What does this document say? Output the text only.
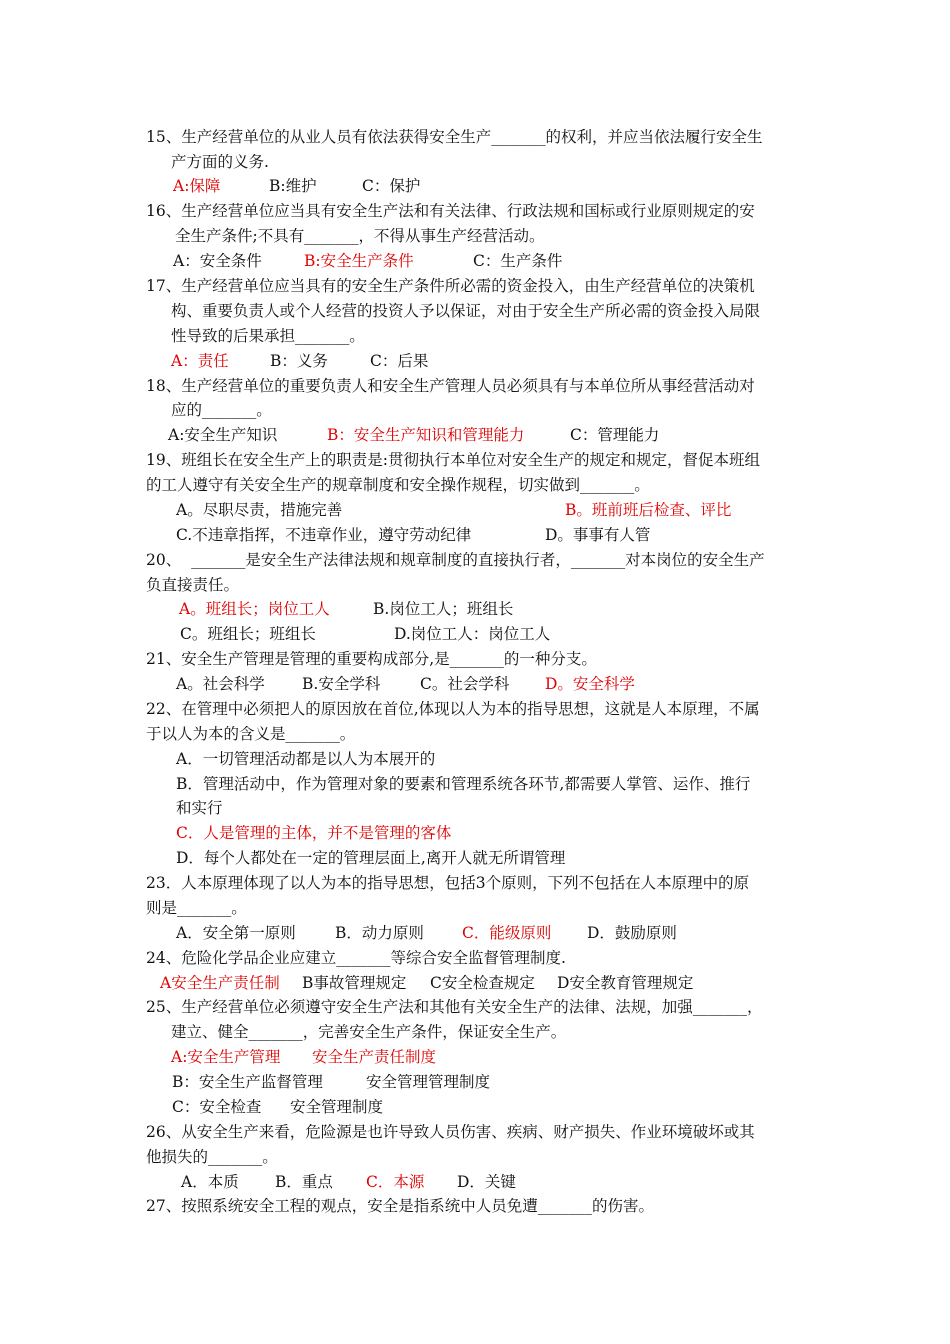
15、生产经营单位的从业人员有依法获得安全生产_______的权利，并应当依法履行安全生
产方面的义务.
A:保障	B:维护	C：保护
16、生产经营单位应当具有安全生产法和有关法律、行政法规和国标或行业原则规定的安
全生产条件;不具有_______，不得从事生产经营活动。
A：安全条件	B:安全生产条件	C：生产条件
17、生产经营单位应当具有的安全生产条件所必需的资金投入，由生产经营单位的决策机
构、重要负责人或个人经营的投资人予以保证，对由于安全生产所必需的资金投入局限
性导致的后果承担_______。
A：责任	B：义务	C：后果
18、生产经营单位的重要负责人和安全生产管理人员必须具有与本单位所从事经营活动对
应的_______。
A:安全生产知识	B：安全生产知识和管理能力	C：管理能力
19、班组长在安全生产上的职责是:贯彻执行本单位对安全生产的规定和规定，督促本班组
的工人遵守有关安全生产的规章制度和安全操作规程，切实做到_______。
A。尽职尽责，措施完善	B。班前班后检查、评比
C.不违章指挥，不违章作业，遵守劳动纪律	D。事事有人管
20、  _______是安全生产法律法规和规章制度的直接执行者，_______对本岗位的安全生产
负直接责任。
A。班组长；岗位工人	B.岗位工人；班组长
C。班组长；班组长	D.岗位工人：岗位工人
21、安全生产管理是管理的重要构成部分,是_______的一种分支。
A。社会科学 B.安全学科	C。社会学科 D。安全科学
22、在管理中必须把人的原因放在首位,体现以人为本的指导思想，这就是人本原理，不属
于以人为本的含义是_______。
A．一切管理活动都是以人为本展开的
B．管理活动中，作为管理对象的要素和管理系统各环节,都需要人掌管、运作、推行
和实行
C．人是管理的主体，并不是管理的客体
D．每个人都处在一定的管理层面上,离开人就无所谓管理
23．人本原理体现了以人为本的指导思想，包括3个原则，下列不包括在人本原理中的原
则是_______。
A．安全第一原则	B．动力原则 C．能级原则 D．鼓励原则
24、危险化学品企业应建立_______等综合安全监督管理制度.
A安全生产责任制 B事故管理规定 C安全检查规定 D安全教育管理规定
25、生产经营单位必须遵守安全生产法和其他有关安全生产的法律、法规，加强_______，
建立、健全_______，完善安全生产条件，保证安全生产。
A:安全生产管理 安全生产责任制度
B：安全生产监督管理	安全管理管理制度
C：安全检查 安全管理制度
26、从安全生产来看，危险源是也许导致人员伤害、疾病、财产损失、作业环境破坏或其
他损失的_______。
A．本质 B．重点 C．本源 D．关键
27、按照系统安全工程的观点，安全是指系统中人员免遭_______的伤害。
